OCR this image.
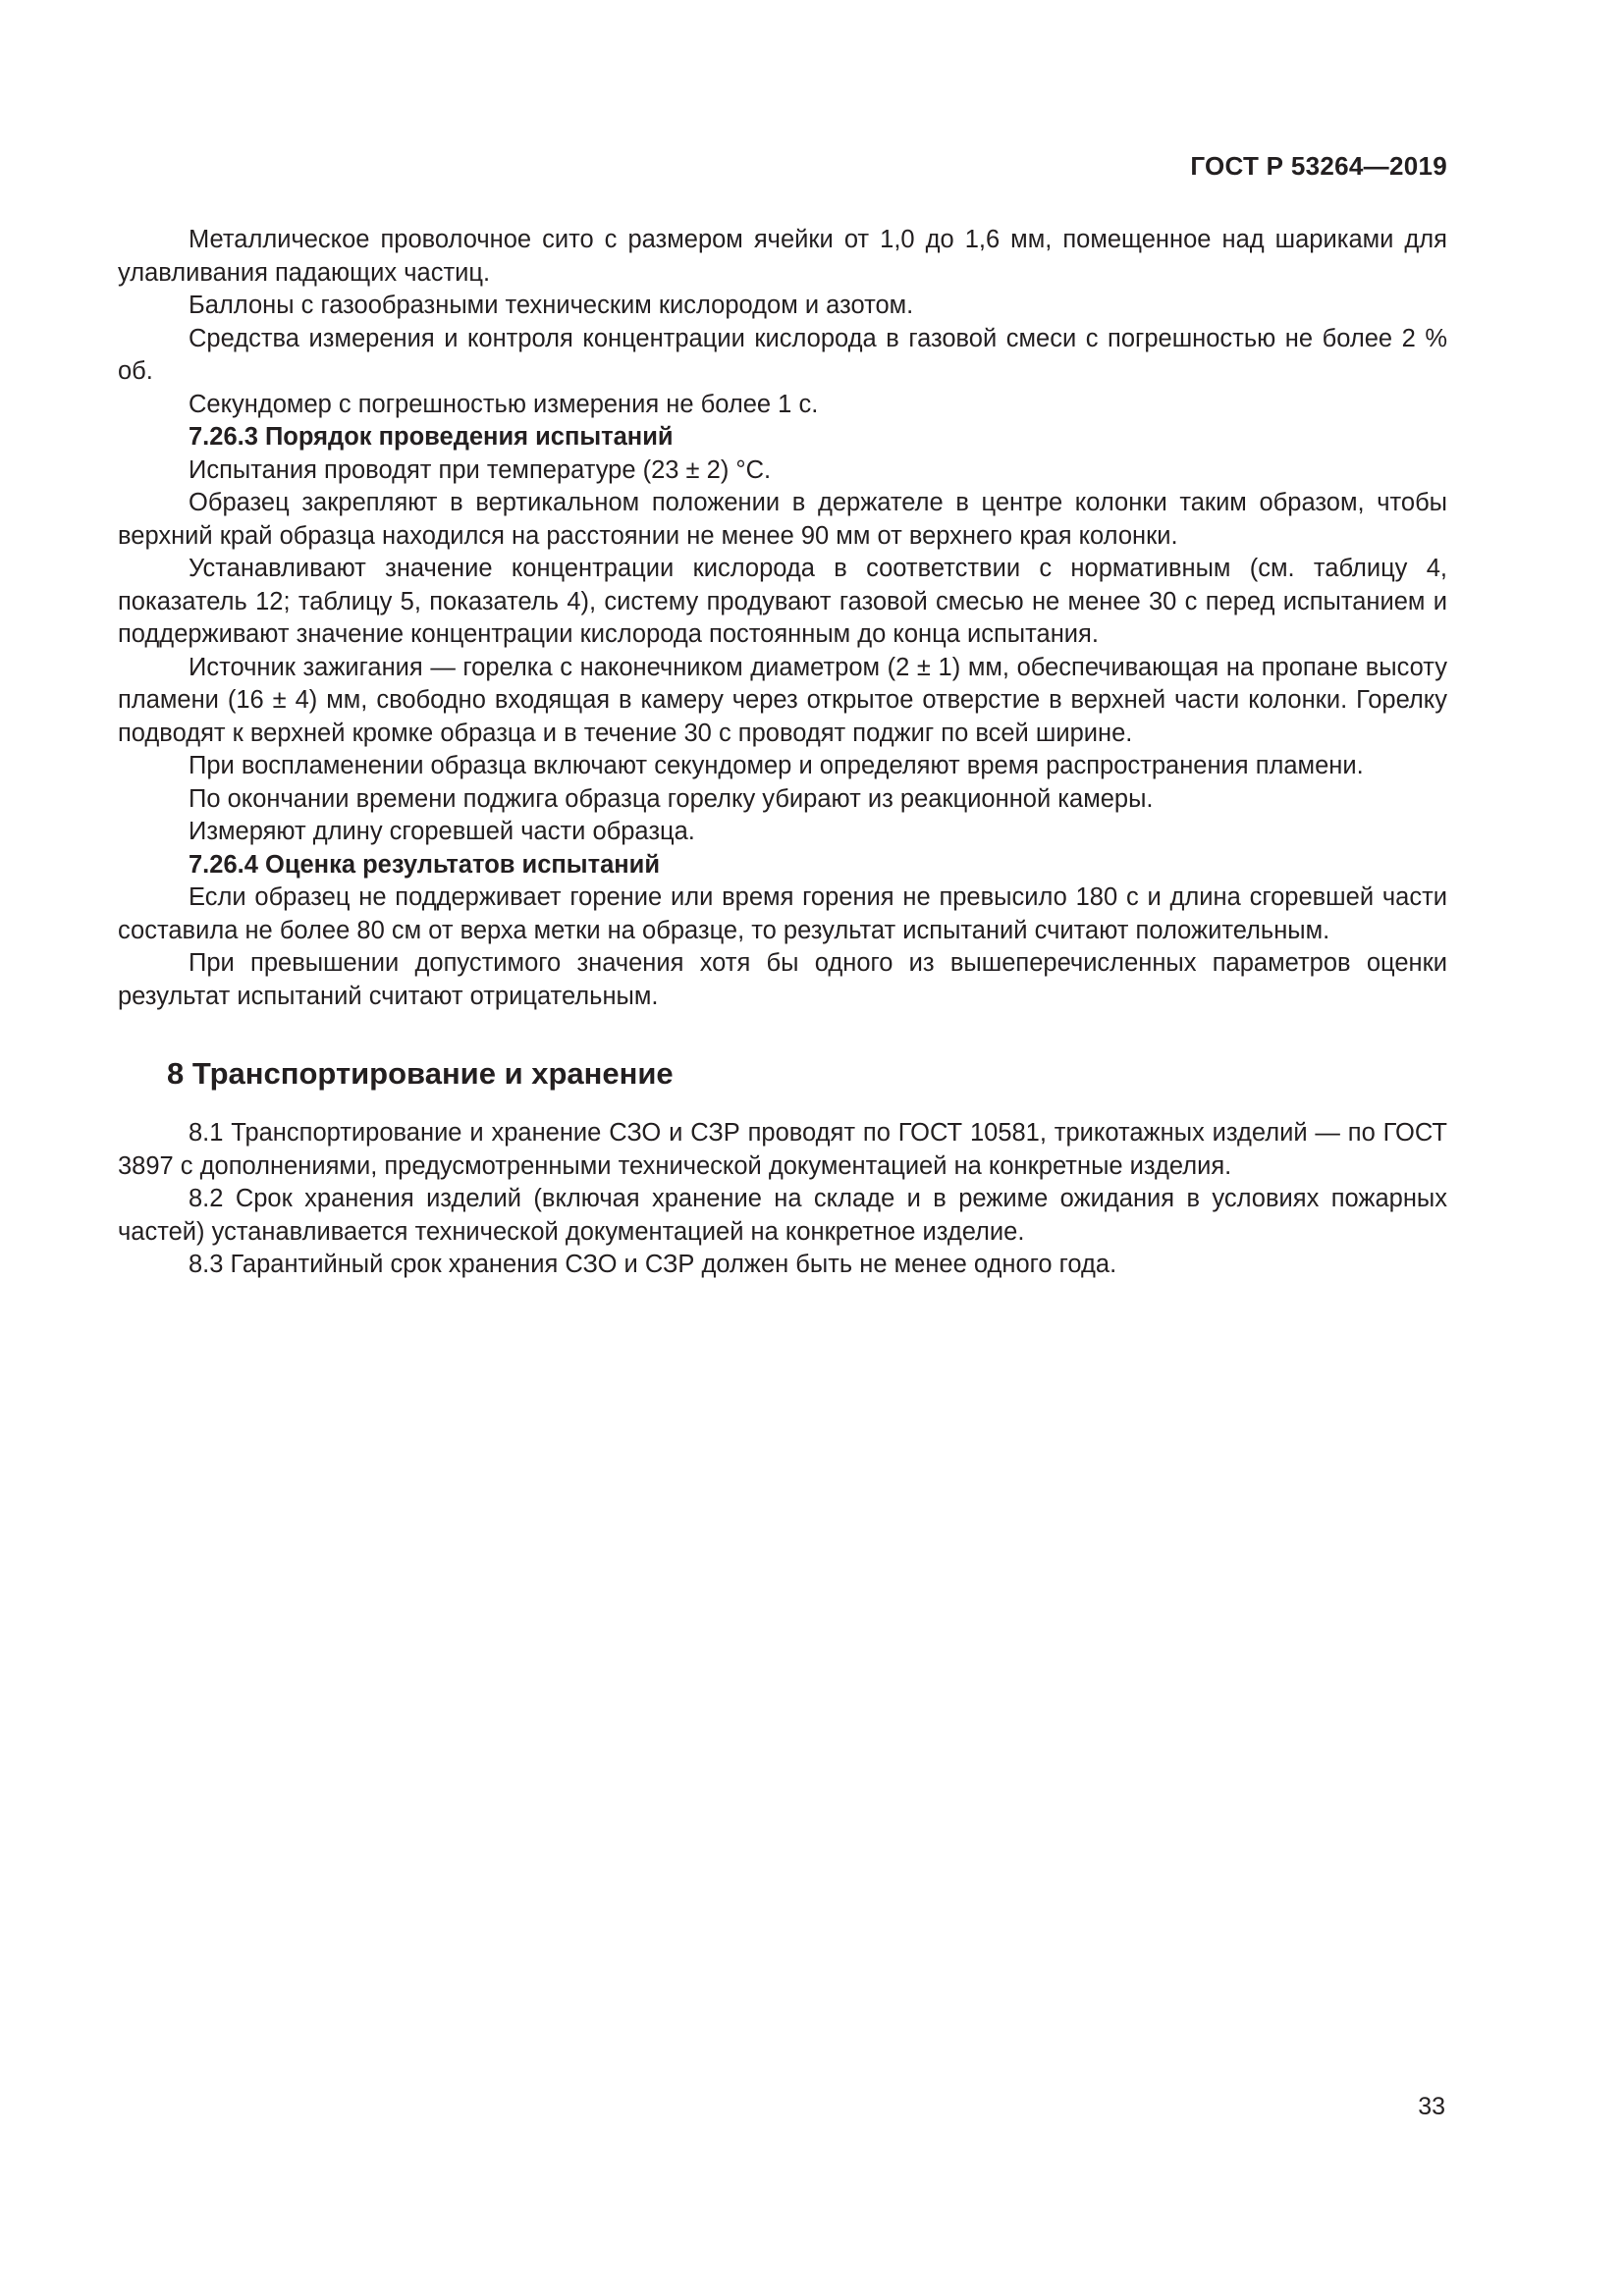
ГОСТ Р 53264—2019

Металлическое проволочное сито с размером ячейки от 1,0 до 1,6 мм, помещенное над шариками для улавливания падающих частиц.

Баллоны с газообразными техническим кислородом и азотом.

Средства измерения и контроля концентрации кислорода в газовой смеси с погрешностью не более 2 % об.

Секундомер с погрешностью измерения не более 1 с.

7.26.3 Порядок проведения испытаний

Испытания проводят при температуре (23 ± 2) °С.

Образец закрепляют в вертикальном положении в держателе в центре колонки таким образом, чтобы верхний край образца находился на расстоянии не менее 90 мм от верхнего края колонки.

Устанавливают значение концентрации кислорода в соответствии с нормативным (см. таблицу 4, показатель 12; таблицу 5, показатель 4), систему продувают газовой смесью не менее 30 с перед испытанием и поддерживают значение концентрации кислорода постоянным до конца испытания.

Источник зажигания — горелка с наконечником диаметром (2 ± 1) мм, обеспечивающая на пропане высоту пламени (16 ± 4) мм, свободно входящая в камеру через открытое отверстие в верхней части колонки. Горелку подводят к верхней кромке образца и в течение 30 с проводят поджиг по всей ширине.

При воспламенении образца включают секундомер и определяют время распространения пламени.

По окончании времени поджига образца горелку убирают из реакционной камеры.

Измеряют длину сгоревшей части образца.

7.26.4 Оценка результатов испытаний

Если образец не поддерживает горение или время горения не превысило 180 с и длина сгоревшей части составила не более 80 см от верха метки на образце, то результат испытаний считают положительным.

При превышении допустимого значения хотя бы одного из вышеперечисленных параметров оценки результат испытаний считают отрицательным.

8 Транспортирование и хранение

8.1 Транспортирование и хранение СЗО и СЗР проводят по ГОСТ 10581, трикотажных изделий — по ГОСТ 3897 с дополнениями, предусмотренными технической документацией на конкретные изделия.

8.2 Срок хранения изделий (включая хранение на складе и в режиме ожидания в условиях пожарных частей) устанавливается технической документацией на конкретное изделие.

8.3 Гарантийный срок хранения СЗО и СЗР должен быть не менее одного года.

33
